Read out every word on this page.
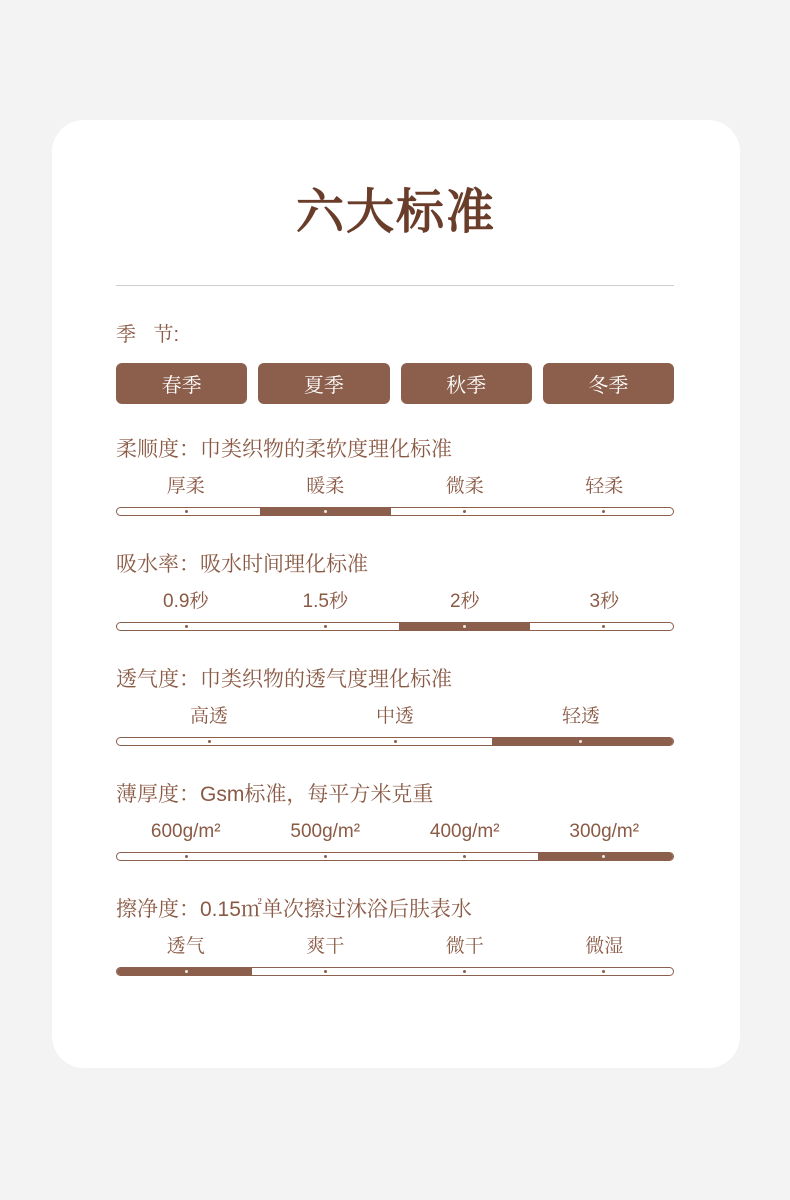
六大标准
季 节:
春季	夏季	秋季	冬季
柔顺度：巾类织物的柔软度理化标准
厚柔	暖柔	微柔	轻柔
吸水率：吸水时间理化标准
0.9秒	1.5秒	2秒	3秒
透气度：巾类织物的透气度理化标准
高透	中透	轻透
薄厚度：Gsm标准，每平方米克重
600g/m²	500g/m²	400g/m²	300g/m²
擦净度：0.15㎡单次擦过沐浴后肤表水
透气	爽干	微干	微湿
